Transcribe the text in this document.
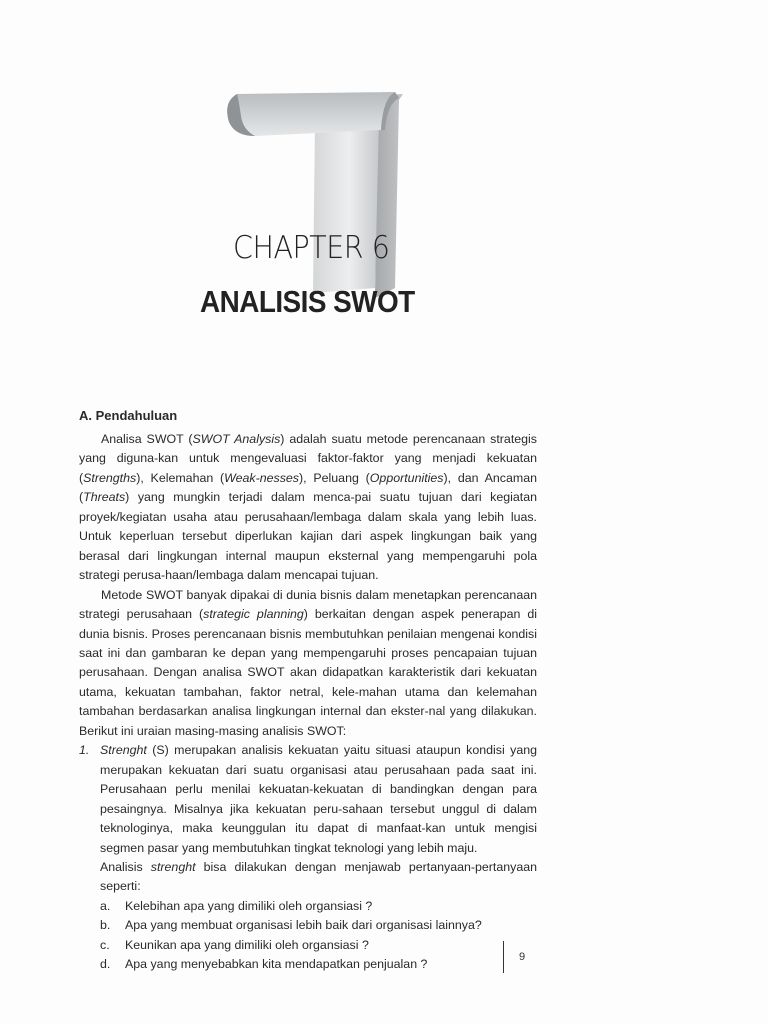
CHAPTER 6
ANALISIS SWOT
A. Pendahuluan

Analisa SWOT (SWOT Analysis) adalah suatu metode perencanaan strategis yang diguna-kan untuk mengevaluasi faktor-faktor yang menjadi kekuatan (Strengths), Kelemahan (Weak-nesses), Peluang (Opportunities), dan Ancaman (Threats) yang mungkin terjadi dalam menca-pai suatu tujuan dari kegiatan proyek/kegiatan usaha atau perusahaan/lembaga dalam skala yang lebih luas. Untuk keperluan tersebut diperlukan kajian dari aspek lingkungan baik yang berasal dari lingkungan internal maupun eksternal yang mempengaruhi pola strategi perusa-haan/lembaga dalam mencapai tujuan.

Metode SWOT banyak dipakai di dunia bisnis dalam menetapkan perencanaan strategi perusahaan (strategic planning) berkaitan dengan aspek penerapan di dunia bisnis. Proses perencanaan bisnis membutuhkan penilaian mengenai kondisi saat ini dan gambaran ke depan yang mempengaruhi proses pencapaian tujuan perusahaan. Dengan analisa SWOT akan didapatkan karakteristik dari kekuatan utama, kekuatan tambahan, faktor netral, kele-mahan utama dan kelemahan tambahan berdasarkan analisa lingkungan internal dan ekster-nal yang dilakukan. Berikut ini uraian masing-masing analisis SWOT:

1. Strenght (S) merupakan analisis kekuatan yaitu situasi ataupun kondisi yang merupakan kekuatan dari suatu organisasi atau perusahaan pada saat ini. Perusahaan perlu menilai kekuatan-kekuatan di bandingkan dengan para pesaingnya. Misalnya jika kekuatan peru-sahaan tersebut unggul di dalam teknologinya, maka keunggulan itu dapat di manfaat-kan untuk mengisi segmen pasar yang membutuhkan tingkat teknologi yang lebih maju.
Analisis strenght bisa dilakukan dengan menjawab pertanyaan-pertanyaan seperti:
a. Kelebihan apa yang dimiliki oleh organsiasi ?
b. Apa yang membuat organisasi lebih baik dari organisasi lainnya?
c. Keunikan apa yang dimiliki oleh organsiasi ?
d. Apa yang menyebabkan kita mendapatkan penjualan ?
9
